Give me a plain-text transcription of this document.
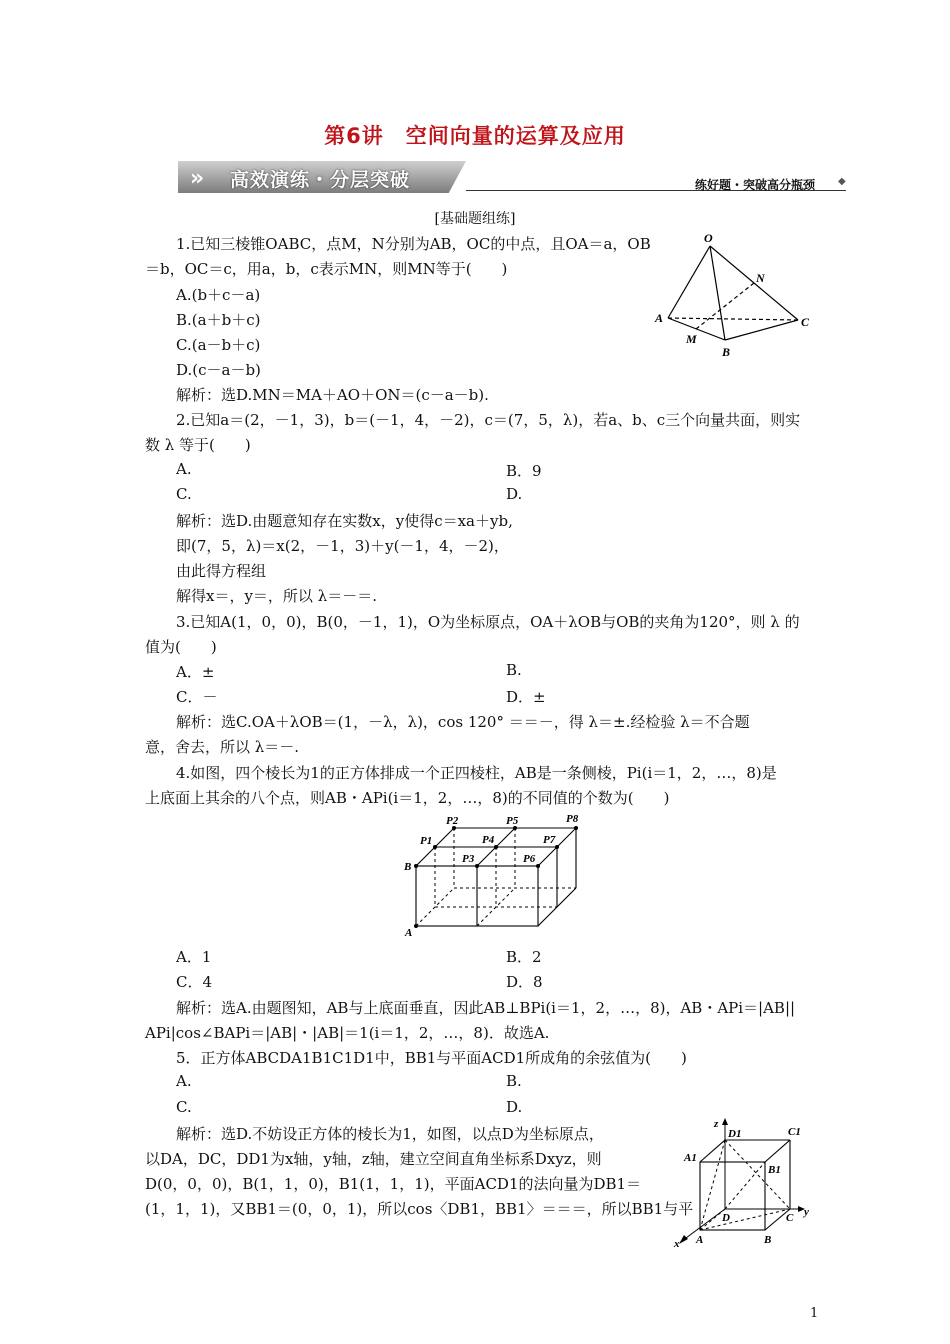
第6讲　空间向量的运算及应用
» 高效演练・分层突破	练好题・突破高分瓶颈 ◆
[基础题组练]
1.已知三棱锥OABC，点M，N分别为AB，OC的中点，且OA＝a，OB
＝b，OC＝c，用a，b，c表示MN，则MN等于(　　)
A.(b＋c－a)
B.(a＋b＋c)
C.(a－b＋c)
D.(c－a－b)
解析：选D.MN＝MA＋AO＋ON＝(c－a－b).
O
N
A	C
M
B
2.已知a＝(2，－1，3)，b＝(－1，4，－2)，c＝(7，5，λ)，若a、b、c三个向量共面，则实
数 λ 等于(　　)
A.	B．9
C.	D.
解析：选D.由题意知存在实数x，y使得c＝xa＋yb,
即(7，5，λ)＝x(2，－1，3)＋y(－1，4，－2)，
由此得方程组
解得x＝，y＝，所以 λ＝－＝.
3.已知A(1，0，0)，B(0，－1，1)，O为坐标原点，OA＋λOB与OB的夹角为120°，则 λ 的
值为(　　)
A．±	B.
C．－	D．±
解析：选C.OA＋λOB＝(1，－λ，λ)，cos 120° ＝＝－，得 λ＝±.经检验 λ＝不合题
意，舍去，所以 λ＝－.
4.如图，四个棱长为1的正方体排成一个正四棱柱，AB是一条侧棱，Pi(i＝1，2，…，8)是
上底面上其余的八个点，则AB・APi(i＝1，2，…，8)的不同值的个数为(　　)
P2	P5	P8
P1	P4	P7
P3	P6
B
A
A．1	B．2
C．4	D．8
解析：选A.由题图知，AB与上底面垂直，因此AB⊥BPi(i＝1，2，…，8)，AB・APi＝|AB||
APi|cos∠BAPi＝|AB|・|AB|＝1(i＝1，2，…，8)．故选A.
5．正方体ABCDA1B1C1D1中，BB1与平面ACD1所成角的余弦值为(　　)
A.	B.
C.	D.
解析：选D.不妨设正方体的棱长为1，如图，以点D为坐标原点，
以DA，DC，DD1为x轴，y轴，z轴，建立空间直角坐标系Dxyz，则
D(0，0，0)，B(1，1，0)，B1(1，1，1)，平面ACD1的法向量为DB1＝
(1，1，1)，又BB1＝(0，0，1)，所以cos〈DB1，BB1〉＝＝＝，所以BB1与平
z
D1	C1
A1
B1
D	C y
x A	B
1
